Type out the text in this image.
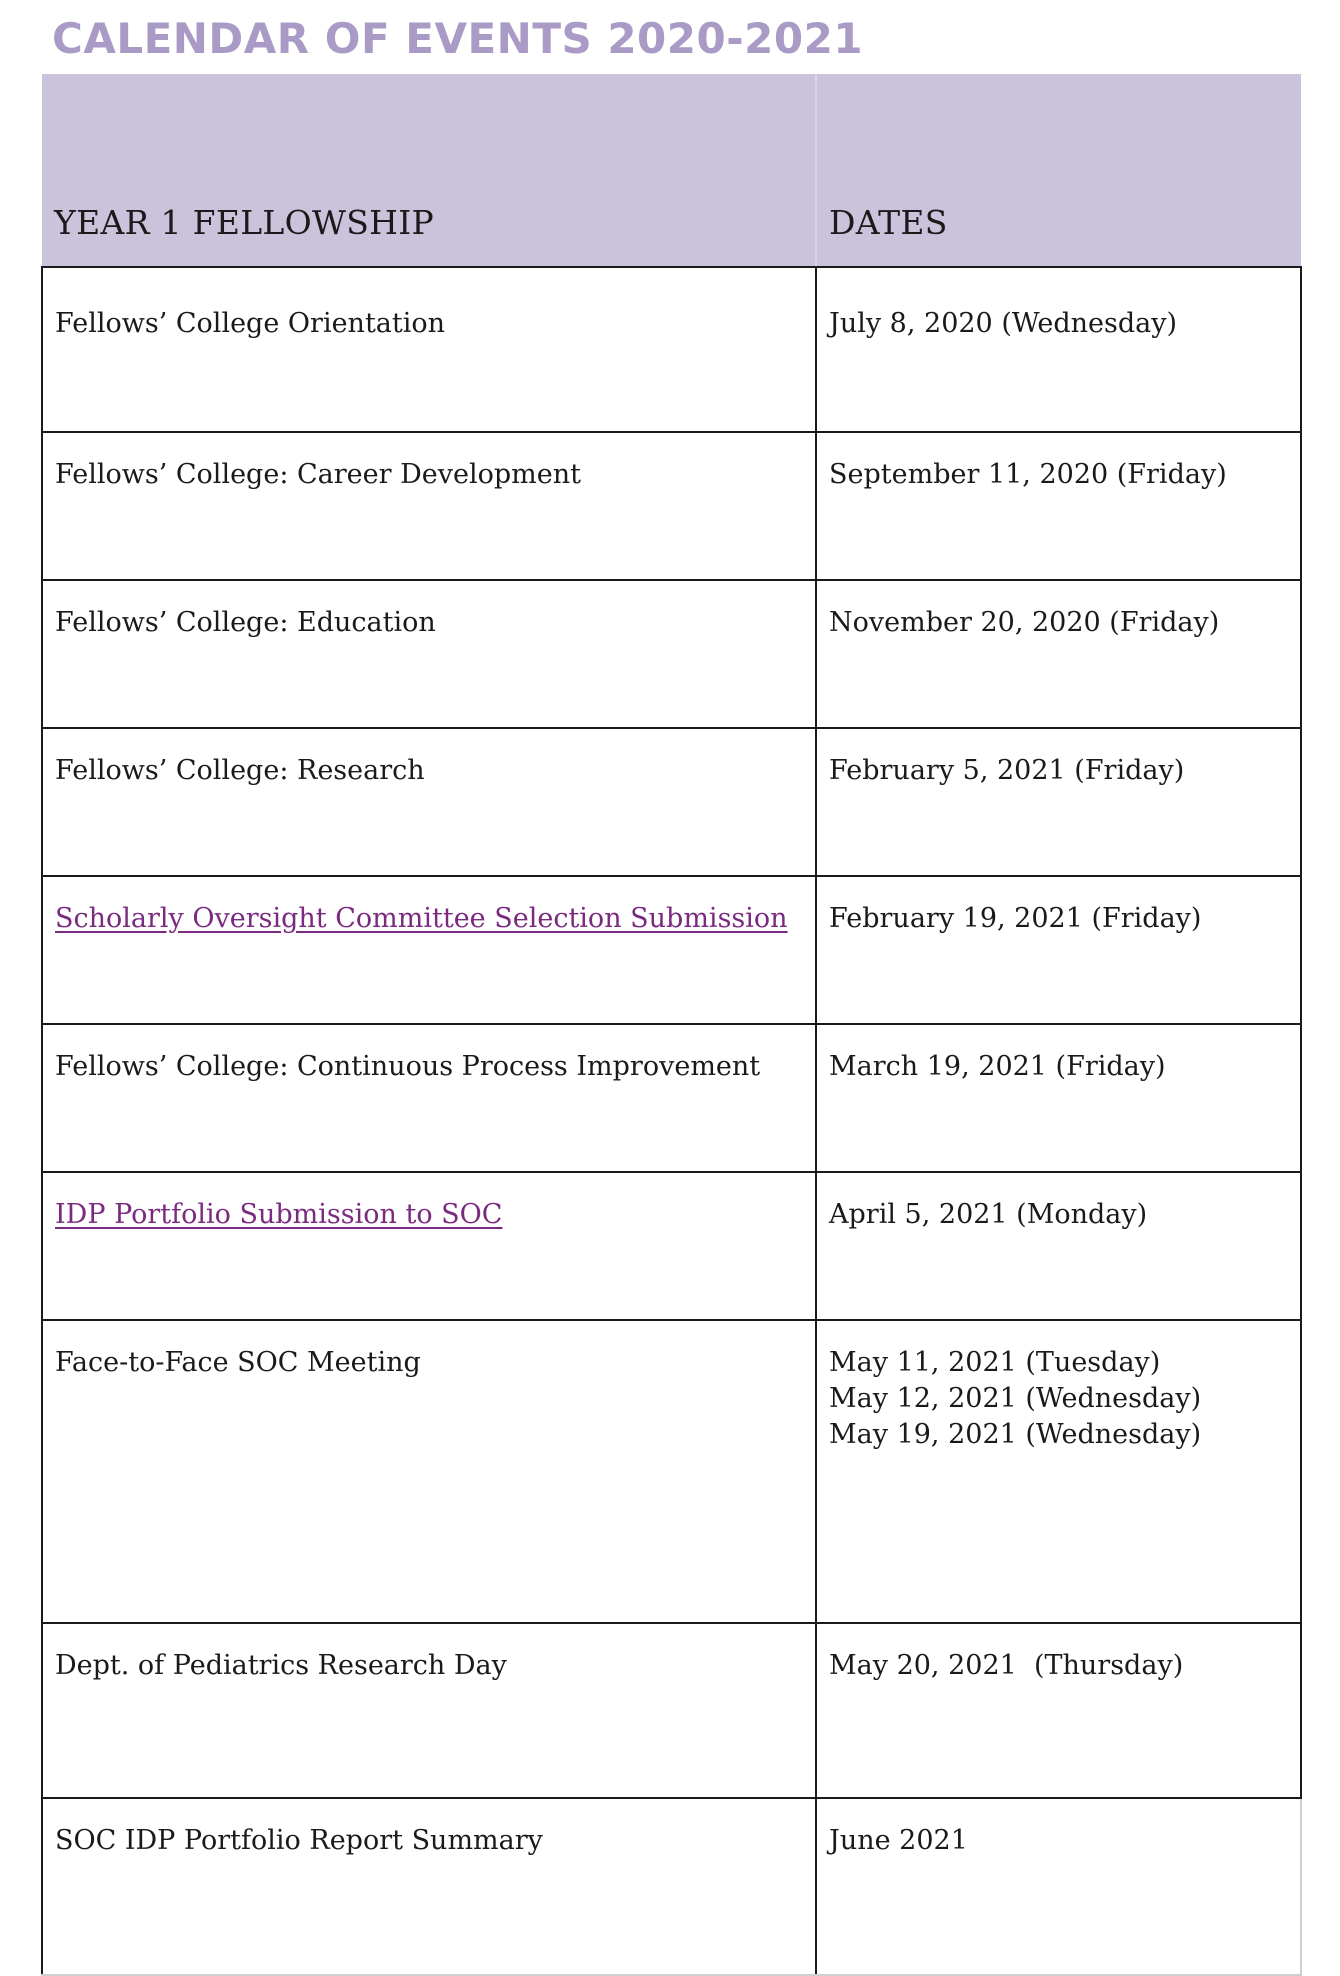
CALENDAR OF EVENTS 2020-2021
YEAR 1 FELLOWSHIP	DATES
Fellows’ College Orientation	July 8, 2020 (Wednesday)

Fellows’ College: Career Development	September 11, 2020 (Friday)

Fellows’ College: Education	November 20, 2020 (Friday)

Fellows’ College: Research	February 5, 2021 (Friday)

Scholarly Oversight Committee Selection Submission	February 19, 2021 (Friday)

Fellows’ College: Continuous Process Improvement	March 19, 2021 (Friday)

IDP Portfolio Submission to SOC	April 5, 2021 (Monday)

Face-to-Face SOC Meeting	May 11, 2021 (Tuesday)
May 12, 2021 (Wednesday)
May 19, 2021 (Wednesday)

Dept. of Pediatrics Research Day	May 20, 2021  (Thursday)

SOC IDP Portfolio Report Summary	June 2021
